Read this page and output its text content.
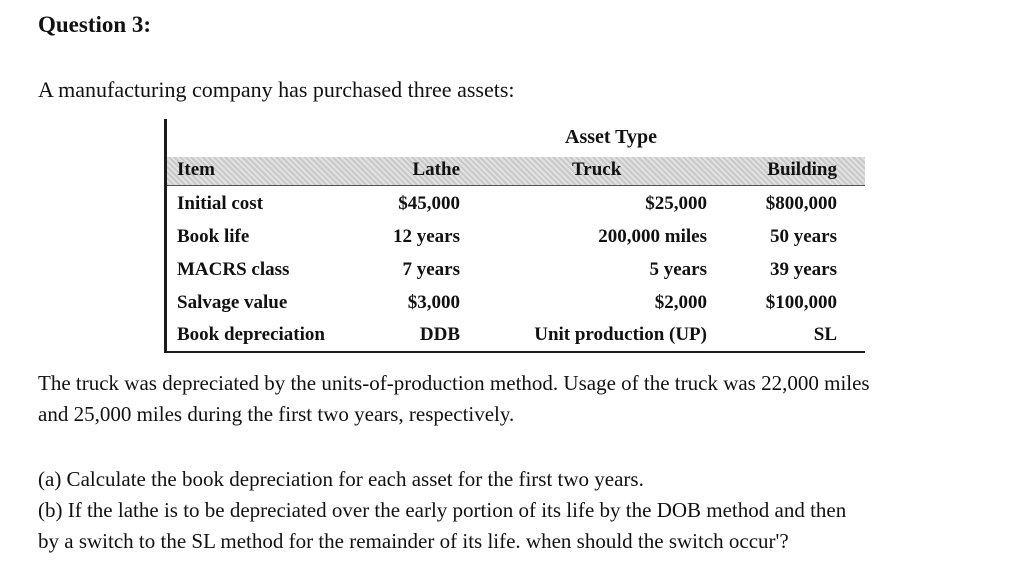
Question 3:
A manufacturing company has purchased three assets:
Asset Type
Item	Lathe	Truck	Building
Initial cost	$45,000	$25,000	$800,000
Book life	12 years	200,000 miles	50 years
MACRS class	7 years	5 years	39 years
Salvage value	$3,000	$2,000	$100,000
Book depreciation	DDB	Unit production (UP)	SL
The truck was depreciated by the units-of-production method. Usage of the truck was 22,000 miles
and 25,000 miles during the first two years, respectively.
(a) Calculate the book depreciation for each asset for the first two years.
(b) If the lathe is to be depreciated over the early portion of its life by the DOB method and then
by a switch to the SL method for the remainder of its life. when should the switch occur'?
